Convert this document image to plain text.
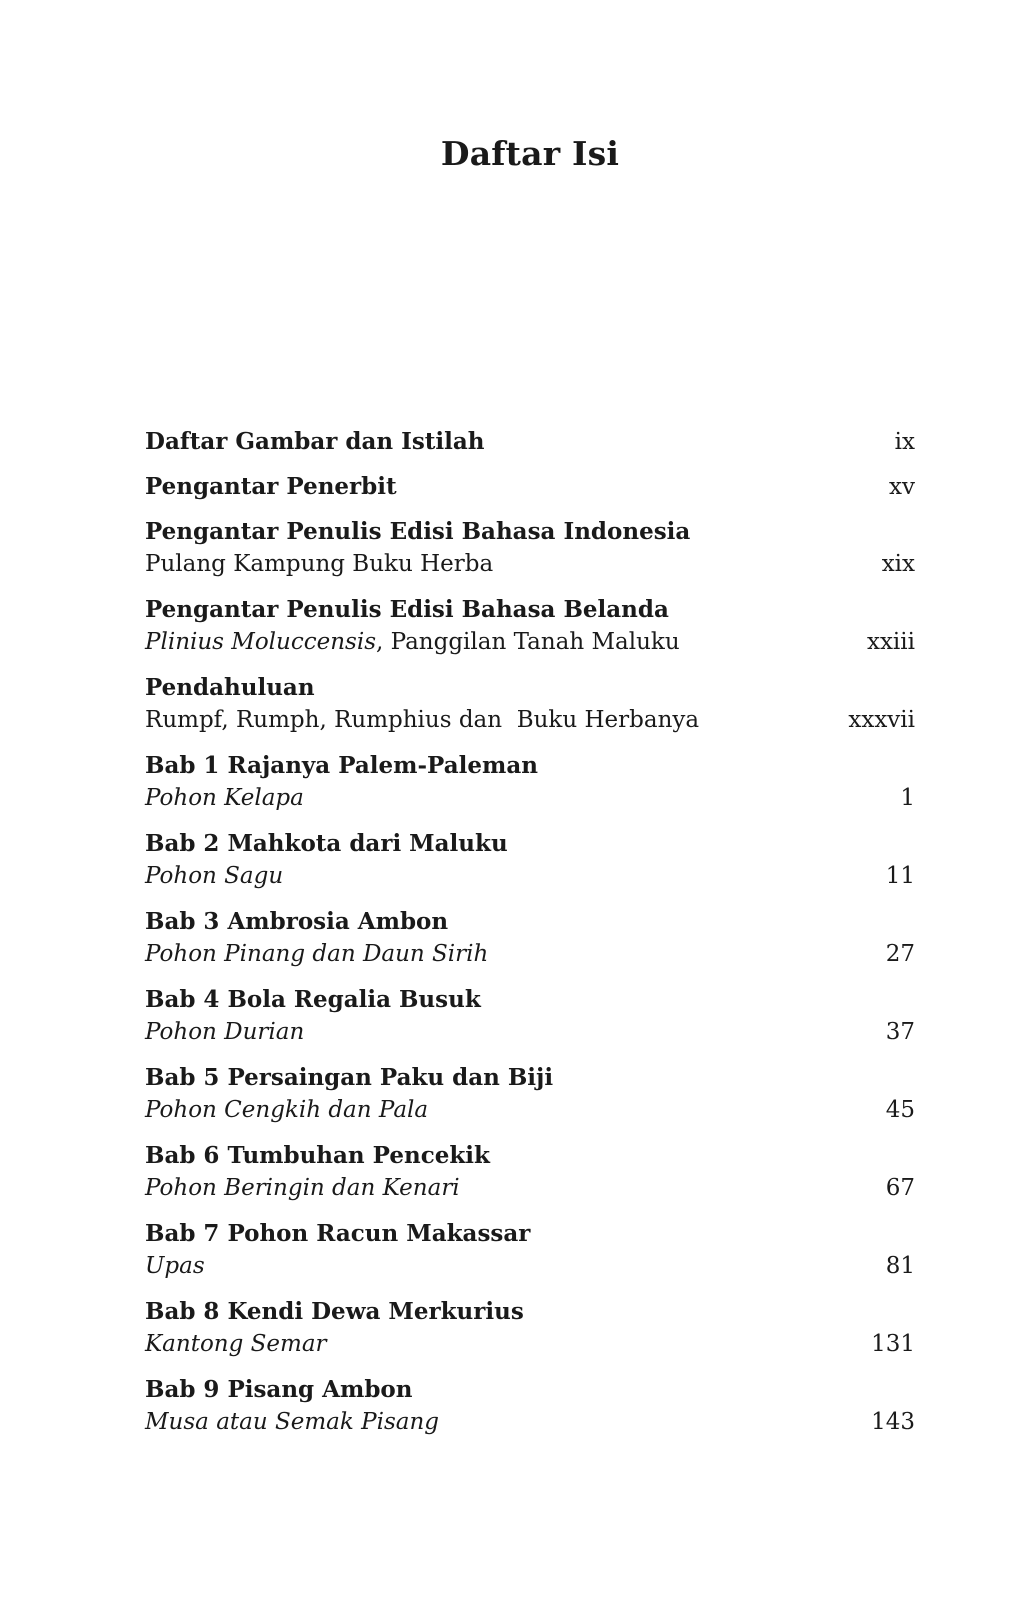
Daftar Isi
Daftar Gambar dan Istilah	ix
Pengantar Penerbit	xv
Pengantar Penulis Edisi Bahasa Indonesia
Pulang Kampung Buku Herba	xix
Pengantar Penulis Edisi Bahasa Belanda
Plinius Moluccensis, Panggilan Tanah Maluku	xxiii
Pendahuluan
Rumpf, Rumph, Rumphius dan  Buku Herbanya	xxxvii
Bab 1 Rajanya Palem-Paleman
Pohon Kelapa	1
Bab 2 Mahkota dari Maluku
Pohon Sagu	11
Bab 3 Ambrosia Ambon
Pohon Pinang dan Daun Sirih	27
Bab 4 Bola Regalia Busuk
Pohon Durian	37
Bab 5 Persaingan Paku dan Biji
Pohon Cengkih dan Pala	45
Bab 6 Tumbuhan Pencekik
Pohon Beringin dan Kenari	67
Bab 7 Pohon Racun Makassar
Upas	81
Bab 8 Kendi Dewa Merkurius
Kantong Semar	131
Bab 9 Pisang Ambon
Musa atau Semak Pisang	143
